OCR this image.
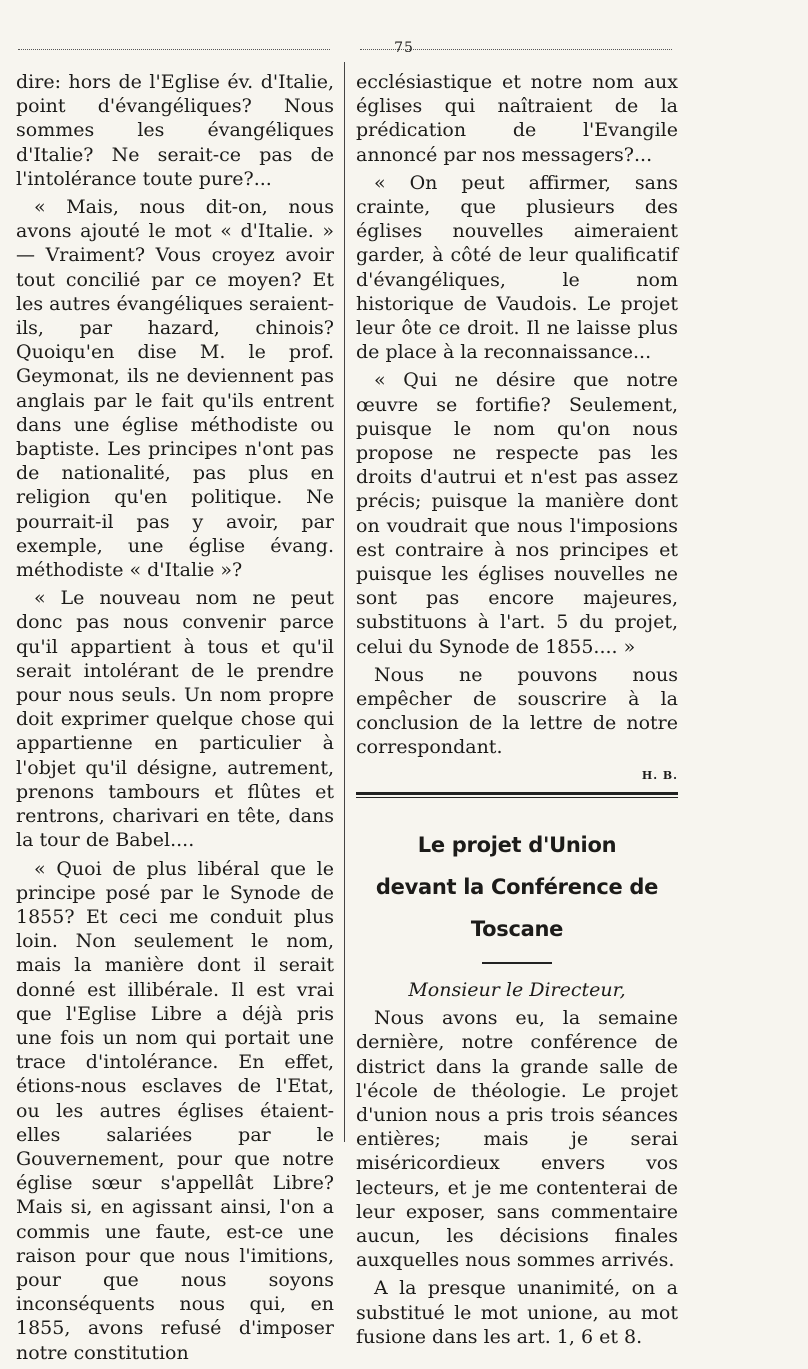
75

dire: hors de l'Eglise év. d'Italie, point d'évangéliques? Nous sommes les évangéliques d'Italie? Ne serait-ce pas de l'intolérance toute pure?...

« Mais, nous dit-on, nous avons ajouté le mot « d'Italie. » — Vraiment? Vous croyez avoir tout concilié par ce moyen? Et les autres évangéliques seraient-ils, par hazard, chinois? Quoiqu'en dise M. le prof. Geymonat, ils ne deviennent pas anglais par le fait qu'ils entrent dans une église méthodiste ou baptiste. Les principes n'ont pas de nationalité, pas plus en religion qu'en politique. Ne pourrait-il pas y avoir, par exemple, une église évang. méthodiste « d'Italie »?

« Le nouveau nom ne peut donc pas nous convenir parce qu'il appartient à tous et qu'il serait intolérant de le prendre pour nous seuls. Un nom propre doit exprimer quelque chose qui appartienne en particulier à l'objet qu'il désigne, autrement, prenons tambours et flûtes et rentrons, charivari en tête, dans la tour de Babel....

« Quoi de plus libéral que le principe posé par le Synode de 1855? Et ceci me conduit plus loin. Non seulement le nom, mais la manière dont il serait donné est illibérale. Il est vrai que l'Eglise Libre a déjà pris une fois un nom qui portait une trace d'intolérance. En effet, étions-nous esclaves de l'Etat, ou les autres églises étaient-elles salariées par le Gouvernement, pour que notre église sœur s'appellât Libre? Mais si, en agissant ainsi, l'on a commis une faute, est-ce une raison pour que nous l'imitions, pour que nous soyons inconséquents nous qui, en 1855, avons refusé d'imposer notre constitution

ecclésiastique et notre nom aux églises qui naîtraient de la prédication de l'Evangile annoncé par nos messagers?...

« On peut affirmer, sans crainte, que plusieurs des églises nouvelles aimeraient garder, à côté de leur qualificatif d'évangéliques, le nom historique de Vaudois. Le projet leur ôte ce droit. Il ne laisse plus de place à la reconnaissance...

« Qui ne désire que notre œuvre se fortifie? Seulement, puisque le nom qu'on nous propose ne respecte pas les droits d'autrui et n'est pas assez précis; puisque la manière dont on voudrait que nous l'imposions est contraire à nos principes et puisque les églises nouvelles ne sont pas encore majeures, substituons à l'art. 5 du projet, celui du Synode de 1855.... »

Nous ne pouvons nous empêcher de souscrire à la conclusion de la lettre de notre correspondant.

H. B.
Le projet d'Union
devant la Conférence de Toscane

Monsieur le Directeur,

Nous avons eu, la semaine dernière, notre conférence de district dans la grande salle de l'école de théologie. Le projet d'union nous a pris trois séances entières; mais je serai miséricordieux envers vos lecteurs, et je me contenterai de leur exposer, sans commentaire aucun, les décisions finales auxquelles nous sommes arrivés.

A la presque unanimité, on a substitué le mot unione, au mot fusione dans les art. 1, 6 et 8.
